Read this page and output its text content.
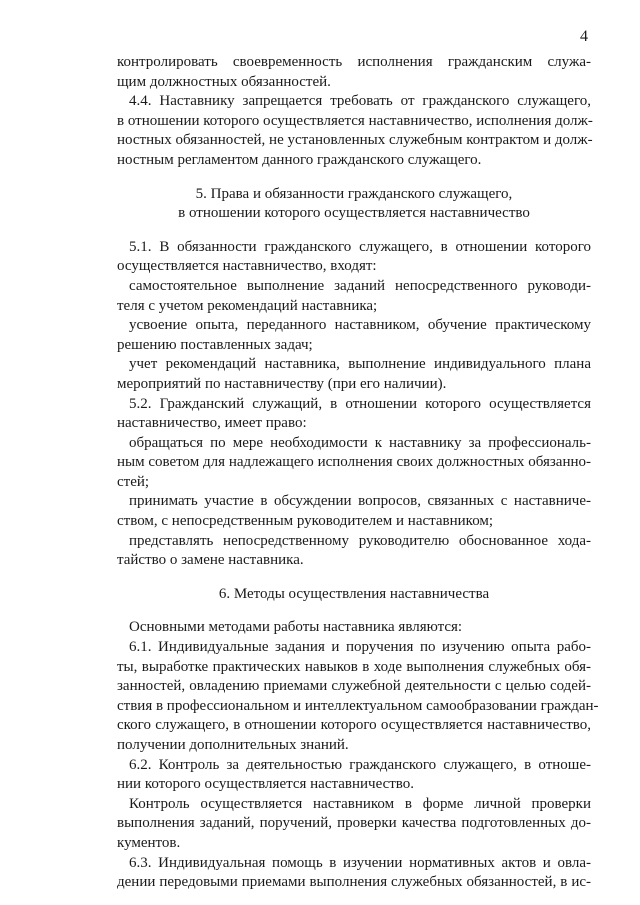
4
контролировать своевременность исполнения гражданским служа-
щим должностных обязанностей.
4.4. Наставнику запрещается требовать от гражданского служащего,
в отношении которого осуществляется наставничество, исполнения долж-
ностных обязанностей, не установленных служебным контрактом и долж-
ностным регламентом данного гражданского служащего.
5. Права и обязанности гражданского служащего,
в отношении которого осуществляется наставничество
5.1. В обязанности гражданского служащего, в отношении которого
осуществляется наставничество, входят:
самостоятельное выполнение заданий непосредственного руководи-
теля с учетом рекомендаций наставника;
усвоение опыта, переданного наставником, обучение практическому
решению поставленных задач;
учет рекомендаций наставника, выполнение индивидуального плана
мероприятий по наставничеству (при его наличии).
5.2. Гражданский служащий, в отношении которого осуществляется
наставничество, имеет право:
обращаться по мере необходимости к наставнику за профессиональ-
ным советом для надлежащего исполнения своих должностных обязанно-
стей;
принимать участие в обсуждении вопросов, связанных с наставниче-
ством, с непосредственным руководителем и наставником;
представлять непосредственному руководителю обоснованное хода-
тайство о замене наставника.
6. Методы осуществления наставничества
Основными методами работы наставника являются:
6.1. Индивидуальные задания и поручения по изучению опыта рабо-
ты, выработке практических навыков в ходе выполнения служебных обя-
занностей, овладению приемами служебной деятельности с целью содей-
ствия в профессиональном и интеллектуальном самообразовании граждан-
ского служащего, в отношении которого осуществляется наставничество,
получении дополнительных знаний.
6.2. Контроль за деятельностью гражданского служащего, в отноше-
нии которого осуществляется наставничество.
Контроль осуществляется наставником в форме личной проверки
выполнения заданий, поручений, проверки качества подготовленных до-
кументов.
6.3. Индивидуальная помощь в изучении нормативных актов и овла-
дении передовыми приемами выполнения служебных обязанностей, в ис-
